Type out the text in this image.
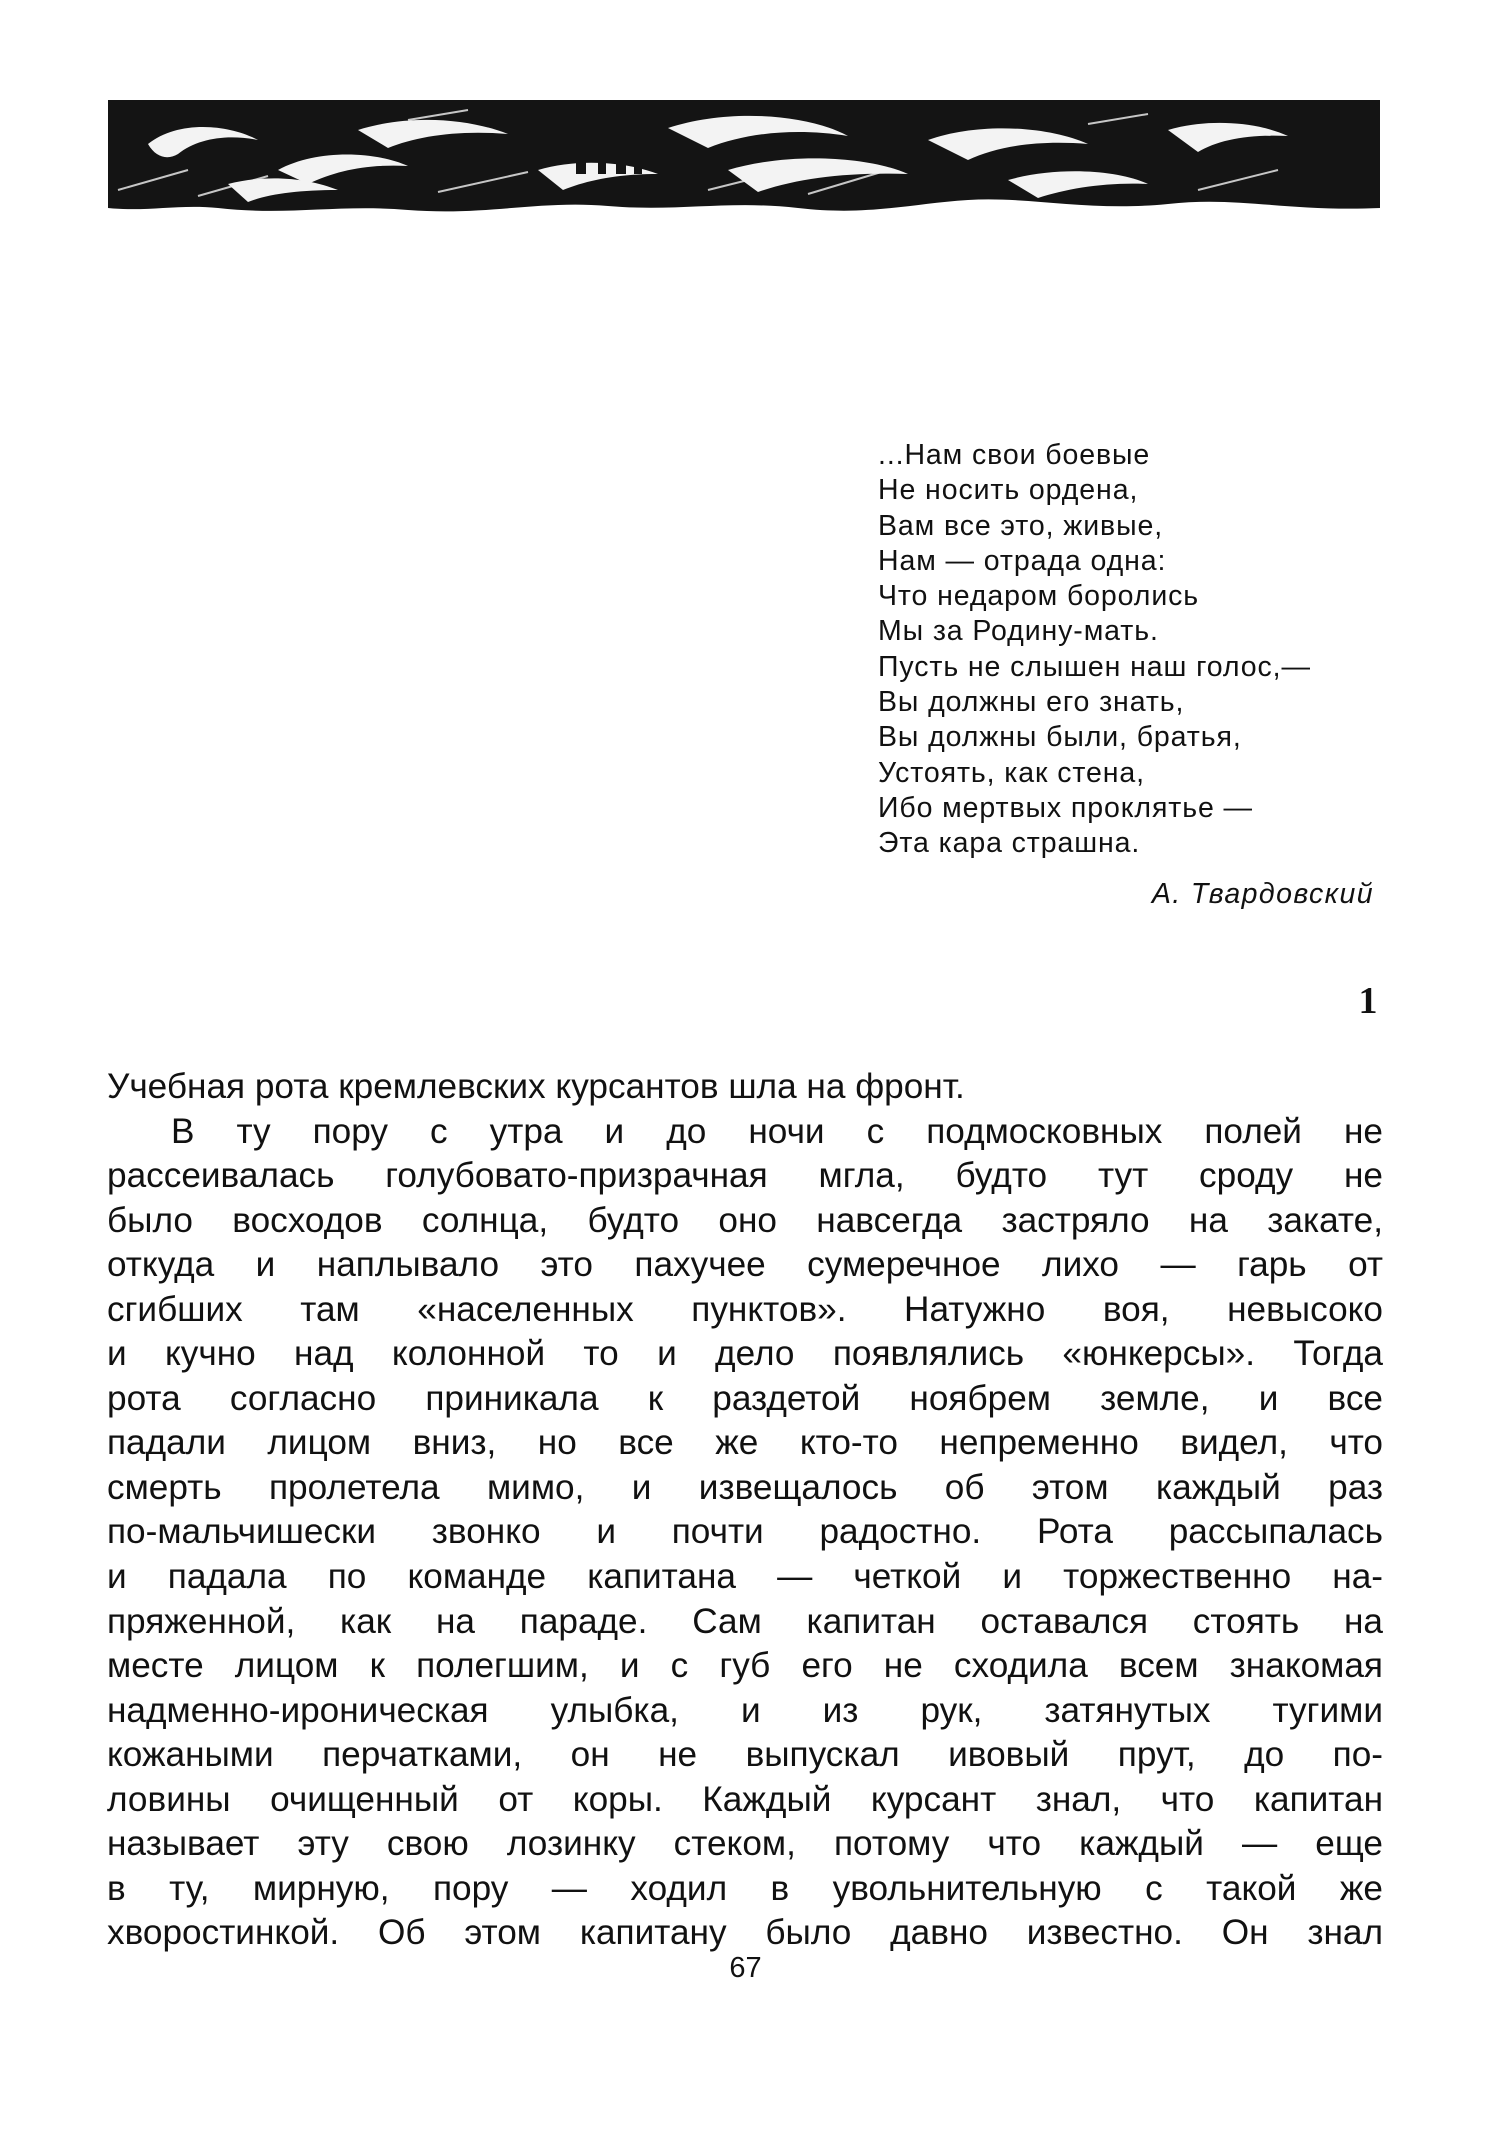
...Нам свои боевые
Не носить ордена,
Вам все это, живые,
Нам — отрада одна:
Что недаром боролись
Мы за Родину-мать.
Пусть не слышен наш голос,—
Вы должны его знать,
Вы должны были, братья,
Устоять, как стена,
Ибо мертвых проклятье —
Эта кара страшна.
А. Твардовский
1
Учебная рота кремлевских курсантов шла на фронт.
В ту пору с утра и до ночи с подмосковных полей не
рассеивалась голубовато-призрачная мгла, будто тут сроду не
было восходов солнца, будто оно навсегда застряло на закате,
откуда и наплывало это пахучее сумеречное лихо — гарь от
сгибших там «населенных пунктов». Натужно воя, невысоко
и кучно над колонной то и дело появлялись «юнкерсы». Тогда
рота согласно приникала к раздетой ноябрем земле, и все
падали лицом вниз, но все же кто-то непременно видел, что
смерть пролетела мимо, и извещалось об этом каждый раз
по-мальчишески звонко и почти радостно. Рота рассыпалась
и падала по команде капитана — четкой и торжественно на-
пряженной, как на параде. Сам капитан оставался стоять на
месте лицом к полегшим, и с губ его не сходила всем знакомая
надменно-ироническая улыбка, и из рук, затянутых тугими
кожаными перчатками, он не выпускал ивовый прут, до по-
ловины очищенный от коры. Каждый курсант знал, что капитан
называет эту свою лозинку стеком, потому что каждый — еще
в ту, мирную, пору — ходил в увольнительную с такой же
хворостинкой. Об этом капитану было давно известно. Он знал
67
